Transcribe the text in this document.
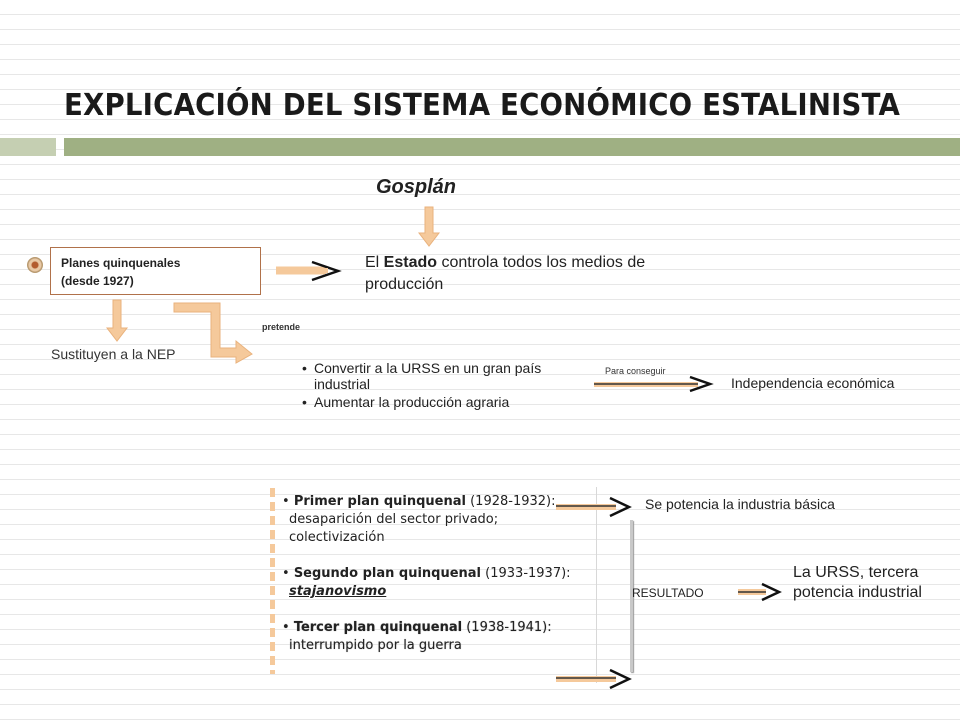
EXPLICACIÓN DEL SISTEMA ECONÓMICO ESTALINISTA
Gosplán
Planes quinquenales
(desde 1927)
El Estado controla todos los medios de producción
Sustituyen a la NEP
pretende
• Convertir a la URSS en un gran país industrial
• Aumentar la producción agraria
Para conseguir
Independencia económica
• Primer plan quinquenal (1928-1932):
desaparición del sector privado;
colectivización
• Segundo plan quinquenal (1933-1937):
stajanovismo
• Tercer plan quinquenal (1938-1941):
interrumpido por la guerra
Se potencia la industria básica
RESULTADO
La URSS, tercera potencia industrial
